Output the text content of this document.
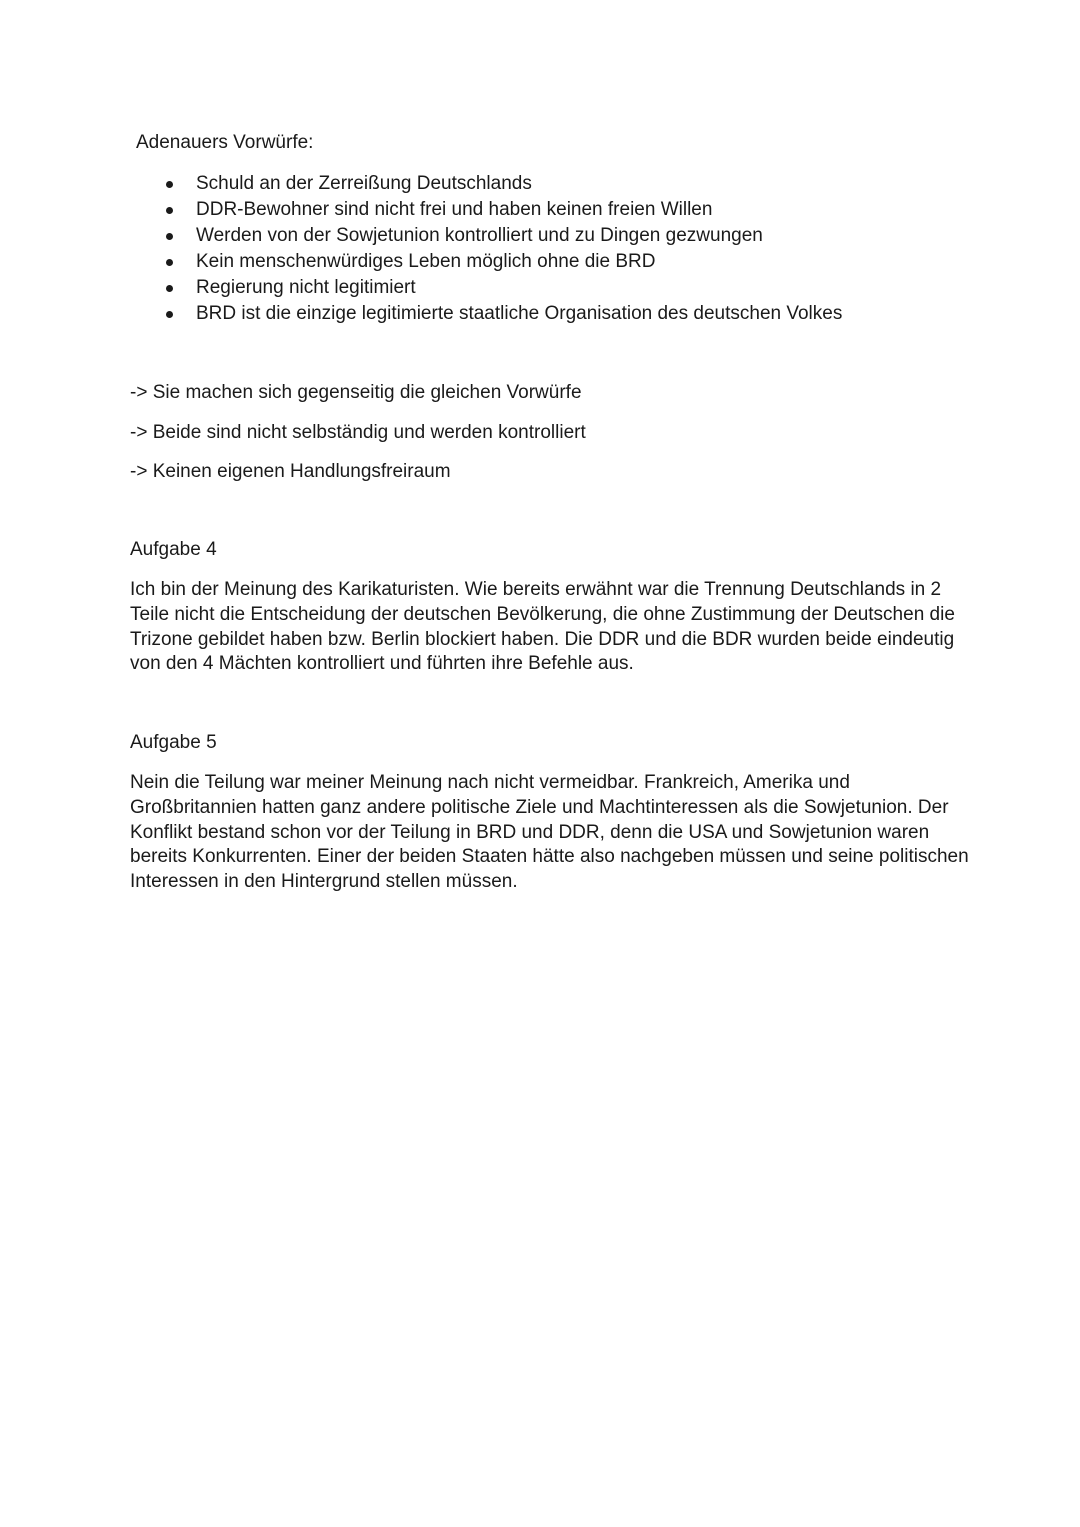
Adenauers Vorwürfe:

Schuld an der Zerreißung Deutschlands
DDR-Bewohner sind nicht frei und haben keinen freien Willen
Werden von der Sowjetunion kontrolliert und zu Dingen gezwungen
Kein menschenwürdiges Leben möglich ohne die BRD
Regierung nicht legitimiert
BRD ist die einzige legitimierte staatliche Organisation des deutschen Volkes
-> Sie machen sich gegenseitig die gleichen Vorwürfe
-> Beide sind nicht selbständig und werden kontrolliert
-> Keinen eigenen Handlungsfreiraum

Aufgabe 4

Ich bin der Meinung des Karikaturisten. Wie bereits erwähnt war die Trennung Deutschlands in 2 Teile nicht die Entscheidung der deutschen Bevölkerung, die ohne Zustimmung der Deutschen die Trizone gebildet haben bzw. Berlin blockiert haben. Die DDR und die BDR wurden beide eindeutig von den 4 Mächten kontrolliert und führten ihre Befehle aus.

Aufgabe 5

Nein die Teilung war meiner Meinung nach nicht vermeidbar. Frankreich, Amerika und Großbritannien hatten ganz andere politische Ziele und Machtinteressen als die Sowjetunion. Der Konflikt bestand schon vor der Teilung in BRD und DDR, denn die USA und Sowjetunion waren bereits Konkurrenten. Einer der beiden Staaten hätte also nachgeben müssen und seine politischen Interessen in den Hintergrund stellen müssen.
